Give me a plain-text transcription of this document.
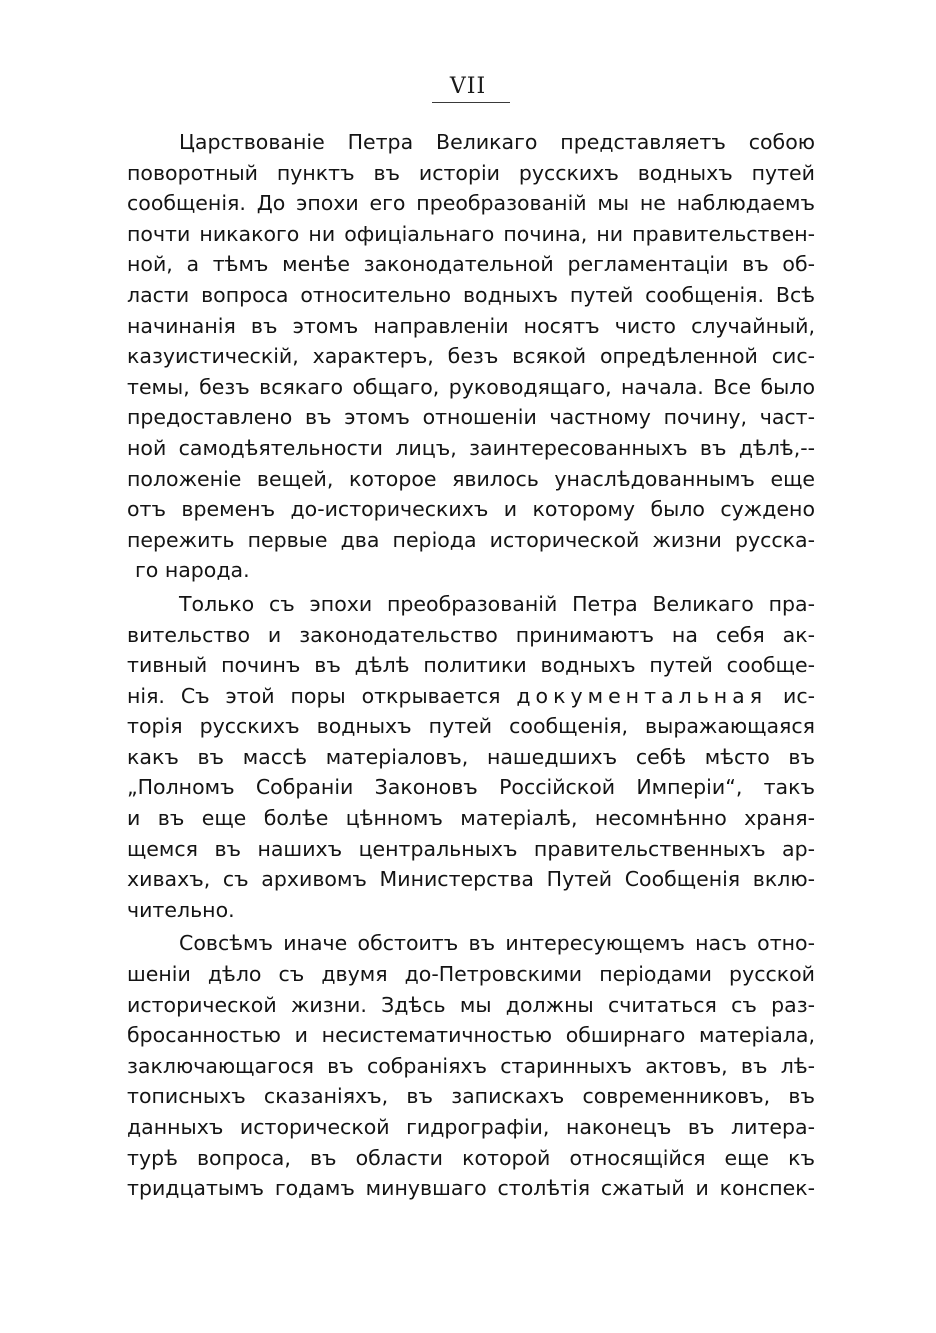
VII
Царствованіе Петра Великаго представляетъ собою
поворотный пунктъ въ исторіи русскихъ водныхъ путей
сообщенія. До эпохи его преобразованій мы не наблюдаемъ
почти никакого ни офиціальнаго почина, ни правительствен-
ной, а тѣмъ менѣе законодательной регламентаціи въ об-
ласти вопроса относительно водныхъ путей сообщенія. Всѣ
начинанія въ этомъ направленіи носятъ чисто случайный,
казуистическій, характеръ, безъ всякой опредѣленной сис-
темы, безъ всякаго общаго, руководящаго, начала. Все было
предоставлено въ этомъ отношеніи частному почину, част-
ной самодѣятельности лицъ, заинтересованныхъ въ дѣлѣ,--
положеніе вещей, которое явилось унаслѣдованнымъ еще
отъ временъ до-историческихъ и которому было суждено
пережить первые два періода исторической жизни русска-
го народа.
Только съ эпохи преобразованій Петра Великаго пра-
вительство и законодательство принимаютъ на себя ак-
тивный починъ въ дѣлѣ политики водныхъ путей сообще-
нія. Съ этой поры открывается документальная ис-
торія русскихъ водныхъ путей сообщенія, выражающаяся
какъ въ массѣ матеріаловъ, нашедшихъ себѣ мѣсто въ
„Полномъ Собраніи Законовъ Россійской Имперіи“, такъ
и въ еще болѣе цѣнномъ матеріалѣ, несомнѣнно храня-
щемся въ нашихъ центральныхъ правительственныхъ ар-
хивахъ, съ архивомъ Министерства Путей Сообщенія вклю-
чительно.
Совсѣмъ иначе обстоитъ въ интересующемъ насъ отно-
шеніи дѣло съ двумя до-Петровскими періодами русской
исторической жизни. Здѣсь мы должны считаться съ раз-
бросанностью и несистематичностью обширнаго матеріала,
заключающагося въ собраніяхъ старинныхъ актовъ, въ лѣ-
тописныхъ сказаніяхъ, въ запискахъ современниковъ, въ
данныхъ исторической гидрографіи, наконецъ въ литера-
турѣ вопроса, въ области которой относящійся еще къ
тридцатымъ годамъ минувшаго столѣтія сжатый и конспек-
